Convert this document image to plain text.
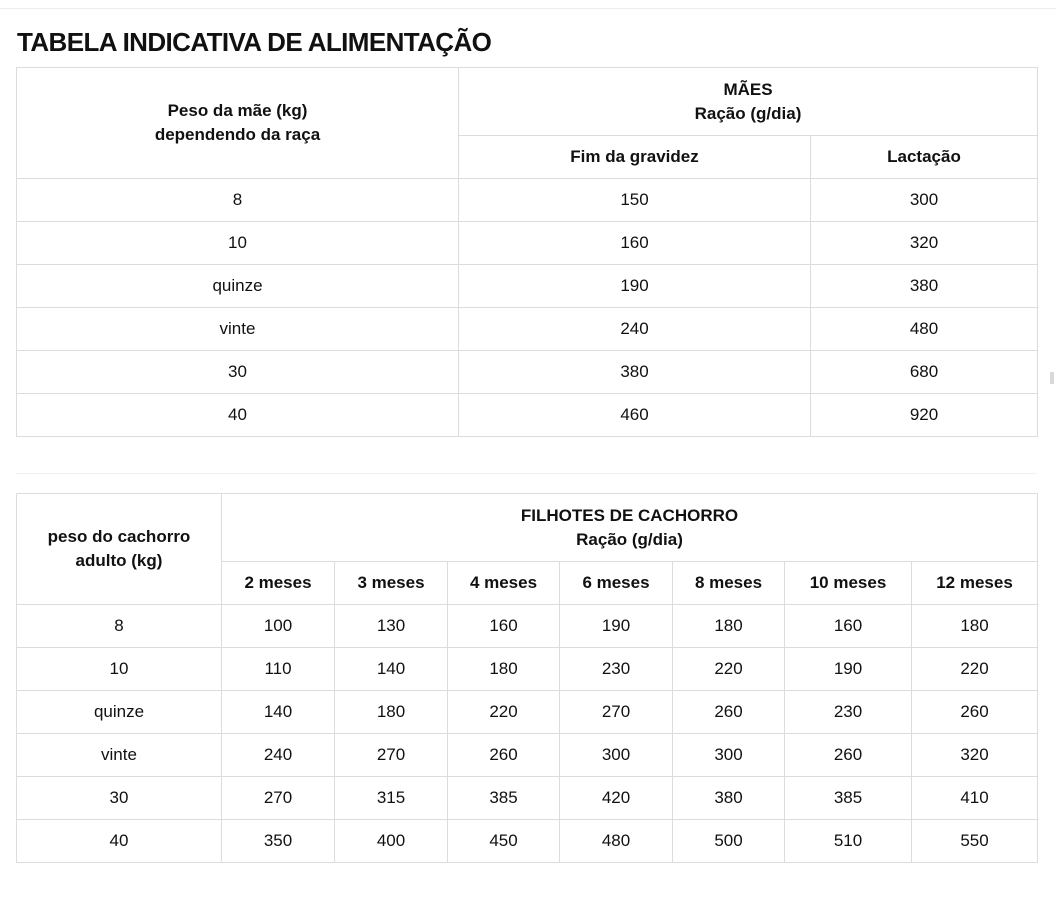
TABELA INDICATIVA DE ALIMENTAÇÃO
Peso da mãe (kg)
dependendo da raça	MÃES
Ração (g/dia)	

	Fim da gravidez	Lactação
8	150	300
10	160	320
quinze	190	380
vinte	240	480
30	380	680
40	460	920
peso do cachorro
adulto (kg)	FILHOTES DE CACHORRO
Ração (g/dia)						

	2 meses	3 meses	4 meses	6 meses	8 meses	10 meses	12 meses
8	100	130	160	190	180	160	180
10	110	140	180	230	220	190	220
quinze	140	180	220	270	260	230	260
vinte	240	270	260	300	300	260	320
30	270	315	385	420	380	385	410
40	350	400	450	480	500	510	550
